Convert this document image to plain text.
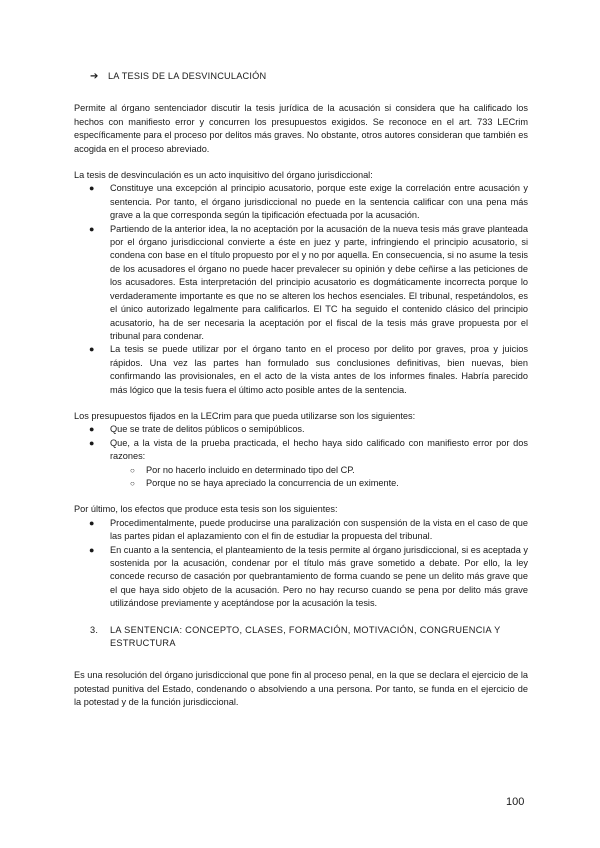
➔	LA TESIS DE LA DESVINCULACIÓN

Permite al órgano sentenciador discutir la tesis jurídica de la acusación si considera que ha calificado los hechos con manifiesto error y concurren los presupuestos exigidos. Se reconoce en el art. 733 LECrim específicamente para el proceso por delitos más graves. No obstante, otros autores consideran que también es acogida en el proceso abreviado.

La tesis de desvinculación es un acto inquisitivo del órgano jurisdiccional:

● Constituye una excepción al principio acusatorio, porque este exige la correlación entre acusación y sentencia. Por tanto, el órgano jurisdiccional no puede en la sentencia calificar con una pena más grave a la que corresponda según la tipificación efectuada por la acusación.
● Partiendo de la anterior idea, la no aceptación por la acusación de la nueva tesis más grave planteada por el órgano jurisdiccional convierte a éste en juez y parte, infringiendo el principio acusatorio, si condena con base en el título propuesto por el y no por aquella. En consecuencia, si no asume la tesis de los acusadores el órgano no puede hacer prevalecer su opinión y debe ceñirse a las peticiones de los acusadores. Esta interpretación del principio acusatorio es dogmáticamente incorrecta porque lo verdaderamente importante es que no se alteren los hechos esenciales. El tribunal, respetándolos, es el único autorizado legalmente para calificarlos. El TC ha seguido el contenido clásico del principio acusatorio, ha de ser necesaria la aceptación por el fiscal de la tesis más grave propuesta por el tribunal para condenar.
● La tesis se puede utilizar por el órgano tanto en el proceso por delito por graves, proa y juicios rápidos. Una vez las partes han formulado sus conclusiones definitivas, bien nuevas, bien confirmando las provisionales, en el acto de la vista antes de los informes finales. Habría parecido más lógico que la tesis fuera el último acto posible antes de la sentencia.

Los presupuestos fijados en la LECrim para que pueda utilizarse son los siguientes:

● Que se trate de delitos públicos o semipúblicos.
● Que, a la vista de la prueba practicada, el hecho haya sido calificado con manifiesto error por dos razones:
○ Por no hacerlo incluido en determinado tipo del CP.
○ Porque no se haya apreciado la concurrencia de un eximente.

Por último, los efectos que produce esta tesis son los siguientes:

● Procedimentalmente, puede producirse una paralización con suspensión de la vista en el caso de que las partes pidan el aplazamiento con el fin de estudiar la propuesta del tribunal.
● En cuanto a la sentencia, el planteamiento de la tesis permite al órgano jurisdiccional, si es aceptada y sostenida por la acusación, condenar por el título más grave sometido a debate. Por ello, la ley concede recurso de casación por quebrantamiento de forma cuando se pene un delito más grave que el que haya sido objeto de la acusación. Pero no hay recurso cuando se pena por delito más grave utilizándose previamente y aceptándose por la acusación la tesis.
3.	LA SENTENCIA: CONCEPTO, CLASES, FORMACIÓN, MOTIVACIÓN, CONGRUENCIA Y ESTRUCTURA

Es una resolución del órgano jurisdiccional que pone fin al proceso penal, en la que se declara el ejercicio de la potestad punitiva del Estado, condenando o absolviendo a una persona. Por tanto, se funda en el ejercicio de la potestad y de la función jurisdiccional.

100
